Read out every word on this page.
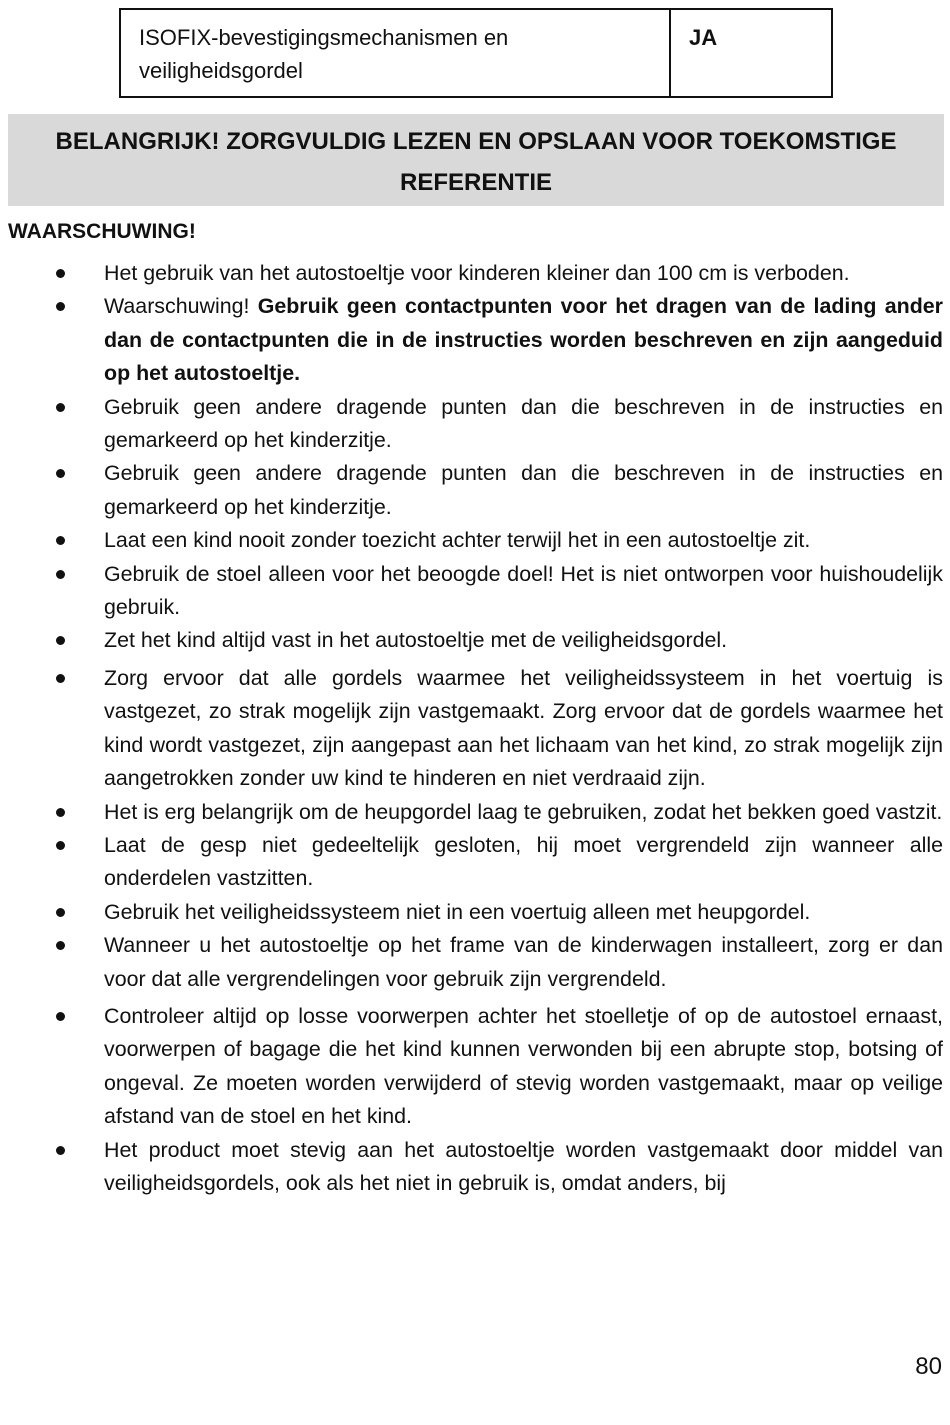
ISOFIX-bevestigingsmechanismen en
veiligheidsgordel
JA
BELANGRIJK! ZORGVULDIG LEZEN EN OPSLAAN VOOR TOEKOMSTIGE
REFERENTIE
WAARSCHUWING!
Het gebruik van het autostoeltje voor kinderen kleiner dan 100 cm is verboden.
Waarschuwing! Gebruik geen contactpunten voor het dragen van de lading ander dan de contactpunten die in de instructies worden beschreven en zijn aangeduid op het autostoeltje.
Gebruik geen andere dragende punten dan die beschreven in de instructies en gemarkeerd op het kinderzitje.
Gebruik geen andere dragende punten dan die beschreven in de instructies en gemarkeerd op het kinderzitje.
Laat een kind nooit zonder toezicht achter terwijl het in een autostoeltje zit.
Gebruik de stoel alleen voor het beoogde doel! Het is niet ontworpen voor huishoudelijk gebruik.
Zet het kind altijd vast in het autostoeltje met de veiligheidsgordel.
Zorg ervoor dat alle gordels waarmee het veiligheidssysteem in het voertuig is vastgezet, zo strak mogelijk zijn vastgemaakt. Zorg ervoor dat de gordels waarmee het kind wordt vastgezet, zijn aangepast aan het lichaam van het kind, zo strak mogelijk zijn aangetrokken zonder uw kind te hinderen en niet verdraaid zijn.
Het is erg belangrijk om de heupgordel laag te gebruiken, zodat het bekken goed vastzit.
Laat de gesp niet gedeeltelijk gesloten, hij moet vergrendeld zijn wanneer alle onderdelen vastzitten.
Gebruik het veiligheidssysteem niet in een voertuig alleen met heupgordel.
Wanneer u het autostoeltje op het frame van de kinderwagen installeert, zorg er dan voor dat alle vergrendelingen voor gebruik zijn vergrendeld.
Controleer altijd op losse voorwerpen achter het stoelletje of op de autostoel ernaast, voorwerpen of bagage die het kind kunnen verwonden bij een abrupte stop, botsing of ongeval. Ze moeten worden verwijderd of stevig worden vastgemaakt, maar op veilige afstand van de stoel en het kind.
Het product moet stevig aan het autostoeltje worden vastgemaakt door middel van veiligheidsgordels, ook als het niet in gebruik is, omdat anders, bij
80
